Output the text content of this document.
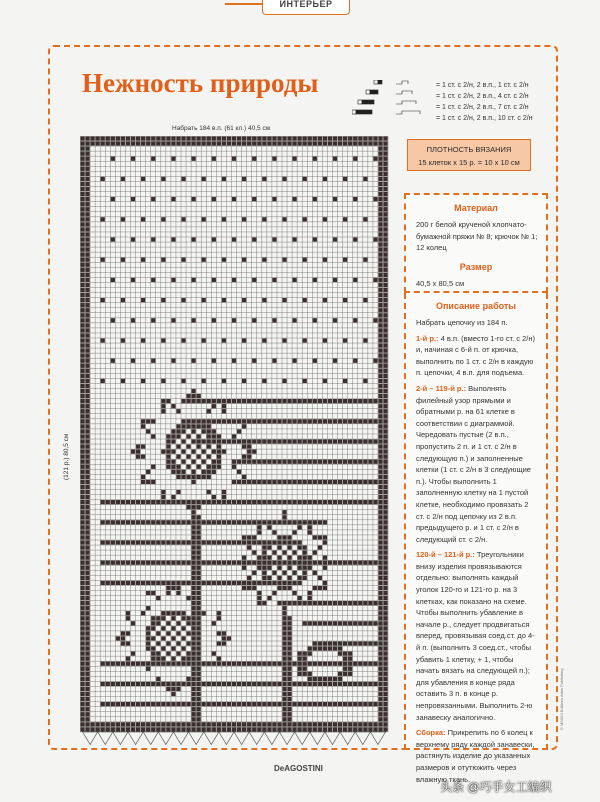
ИНТЕРЬЕР
Нежность природы	= 1 ст. с 2/н, 2 в.п., 1 ст. с 2/н
= 1 ст. с 2/н, 2 в.п., 4 ст. с 2/н
= 1 ст. с 2/н, 2 в.п., 7 ст. с 2/н
= 1 ст. с 2/н, 2 в.п., 10 ст. с 2/н
Набрать 184 в.п. (61 кл.) 40,5 см
(121 р.) 80,5 см
ПЛОТНОСТЬ ВЯЗАНИЯ
15 клеток х 15 р. = 10 х 10 см
Материал
200 г белой крученой хлопчато-бумажной пряжи № 8; крючок № 1; 12 колец
Размер
40,5 х 80,5 см
Описание работы
Набрать цепочку из 184 п.
1-й р.: 4 в.п. (вместо 1-го ст. с 2/н) и, начиная с 6-й п. от крючка, выполнить по 1 ст. с 2/н в каждую п. цепочки, 4 в.п. для подъема.
2-й – 119-й р.: Выполнять филейный узор прямыми и обратными р. на 61 клетке в соответствии с диаграммой. Чередовать пустые (2 в.п., пропустить 2 п. и 1 ст. с 2/н в следующую п.) и заполненные клетки (1 ст. с 2/н в 3 следующие п.). Чтобы выполнить 1 заполненную клетку на 1 пустой клетке, необходимо провязать 2 ст. с 2/н под цепочку из 2 в.п. предыдущего р. и 1 ст. с 2/н в следующий ст. с 2/н.
120-й – 121-й р.: Треугольники внизу изделия провязываются отдельно: выполнять каждый уголок 120-го и 121-го р. на 3 клетках, как показано на схеме. Чтобы выполнить убавление в начале р., следует продвигаться вперед, провязывая соед.ст. до 4-й п. (выполнить 3 соед.ст., чтобы убавить 1 клетку, + 1, чтобы начать вязать на следующей п.); для убавления в конце ряда оставить 3 п. в конце р. непровязанными. Выполнить 2-ю занавеску аналогично.
Сборка: Прикрепить по 6 колец к верхнему ряду каждой занавески, растянуть изделие до указанных размеров и отутюжить через влажную ткань.
© MMXIII Editions Atlas Publishing
DeAGOSTINI
头条 @巧手女工编织
